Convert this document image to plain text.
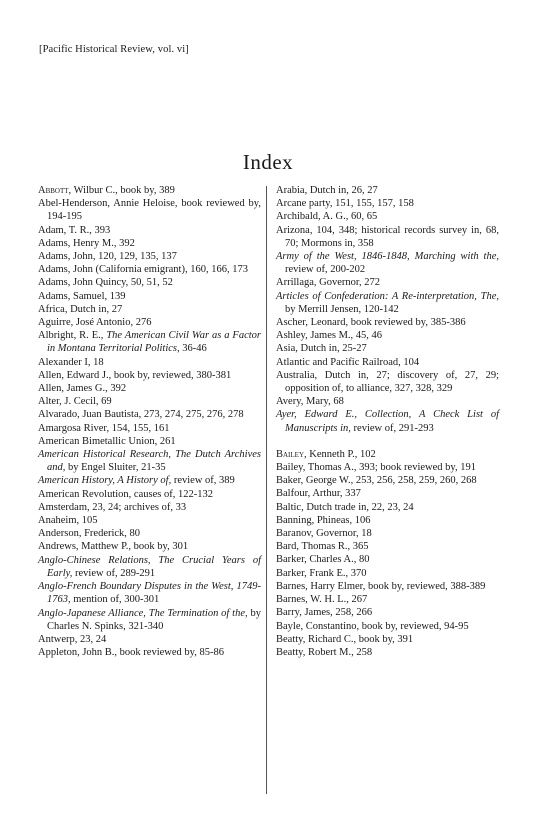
[Pacific Historical Review, vol. vi]
Index
Abbott, Wilbur C., book by, 389
Abel-Henderson, Annie Heloise, book reviewed by, 194-195
Adam, T. R., 393
Adams, Henry M., 392
Adams, John, 120, 129, 135, 137
Adams, John (California emigrant), 160, 166, 173
Adams, John Quincy, 50, 51, 52
Adams, Samuel, 139
Africa, Dutch in, 27
Aguirre, José Antonio, 276
Albright, R. E., The American Civil War as a Factor in Montana Territorial Politics, 36-46
Alexander I, 18
Allen, Edward J., book by, reviewed, 380-381
Allen, James G., 392
Alter, J. Cecil, 69
Alvarado, Juan Bautista, 273, 274, 275, 276, 278
Amargosa River, 154, 155, 161
American Bimetallic Union, 261
American Historical Research, The Dutch Archives and, by Engel Sluiter, 21-35
American History, A History of, review of, 389
American Revolution, causes of, 122-132
Amsterdam, 23, 24; archives of, 33
Anaheim, 105
Anderson, Frederick, 80
Andrews, Matthew P., book by, 301
Anglo-Chinese Relations, The Crucial Years of Early, review of, 289-291
Anglo-French Boundary Disputes in the West, 1749-1763, mention of, 300-301
Anglo-Japanese Alliance, The Termination of the, by Charles N. Spinks, 321-340
Antwerp, 23, 24
Appleton, John B., book reviewed by, 85-86
Arabia, Dutch in, 26, 27
Arcane party, 151, 155, 157, 158
Archibald, A. G., 60, 65
Arizona, 104, 348; historical records survey in, 68, 70; Mormons in, 358
Army of the West, 1846-1848, Marching with the, review of, 200-202
Arrillaga, Governor, 272
Articles of Confederation: A Re-interpretation, The, by Merrill Jensen, 120-142
Ascher, Leonard, book reviewed by, 385-386
Ashley, James M., 45, 46
Asia, Dutch in, 25-27
Atlantic and Pacific Railroad, 104
Australia, Dutch in, 27; discovery of, 27, 29; opposition of, to alliance, 327, 328, 329
Avery, Mary, 68
Ayer, Edward E., Collection, A Check List of Manuscripts in, review of, 291-293
Bailey, Kenneth P., 102
Bailey, Thomas A., 393; book reviewed by, 191
Baker, George W., 253, 256, 258, 259, 260, 268
Balfour, Arthur, 337
Baltic, Dutch trade in, 22, 23, 24
Banning, Phineas, 106
Baranov, Governor, 18
Bard, Thomas R., 365
Barker, Charles A., 80
Barker, Frank E., 370
Barnes, Harry Elmer, book by, reviewed, 388-389
Barnes, W. H. L., 267
Barry, James, 258, 266
Bayle, Constantino, book by, reviewed, 94-95
Beatty, Richard C., book by, 391
Beatty, Robert M., 258
